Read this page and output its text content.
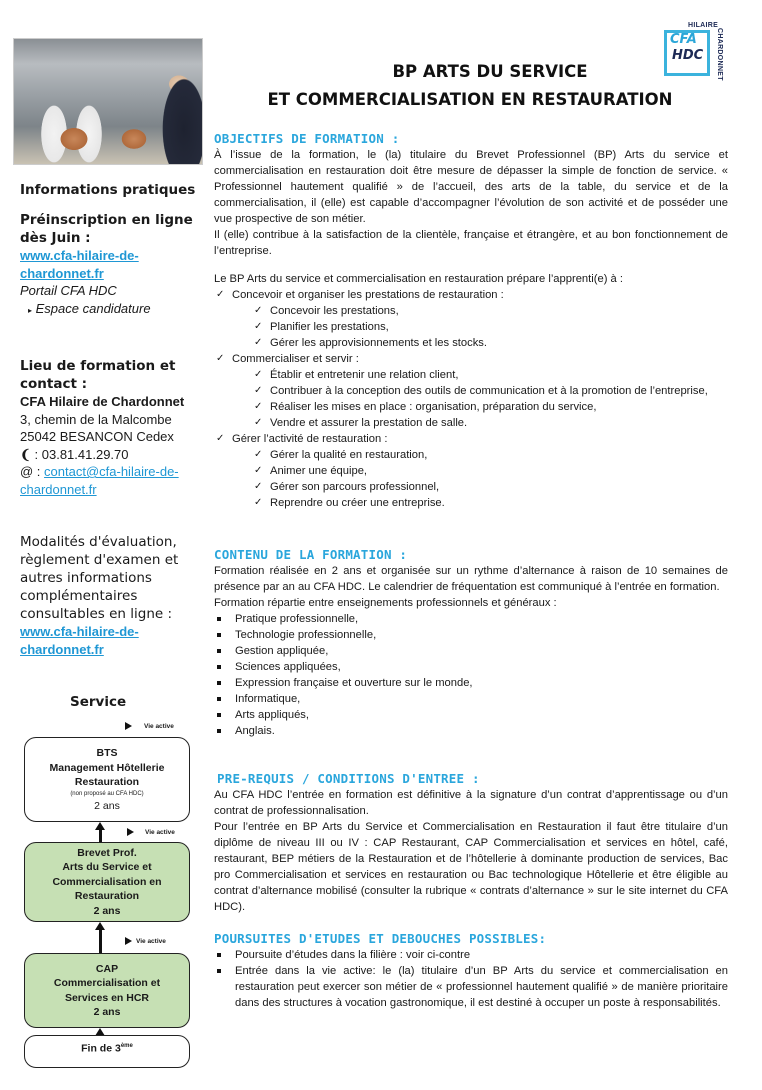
BP ARTS DU SERVICE
ET COMMERCIALISATION EN RESTAURATION
HILAIRE
CFA
HDC CHARDONNET
Informations pratiques
Préinscription en ligne dès Juin :
www.cfa-hilaire-de-
chardonnet.fr
Portail CFA HDC
▸ Espace candidature
Lieu de formation et contact :
CFA Hilaire de Chardonnet
3, chemin de la Malcombe
25042 BESANCON Cedex
❨ : 03.81.41.29.70
@ : contact@cfa-hilaire-de-
chardonnet.fr
Modalités d'évaluation, règlement d'examen et autres informations complémentaires consultables en ligne :
www.cfa-hilaire-de-
chardonnet.fr
Service
Vie active
BTS
Management Hôtellerie
Restauration
(non proposé au CFA HDC)
2 ans
Vie active
Brevet Prof.
Arts du Service et
Commercialisation en
Restauration
2 ans
Vie active
CAP
Commercialisation et
Services en HCR
2 ans
Fin de 3ème
OBJECTIFS DE FORMATION :

À l’issue de la formation, le (la) titulaire du Brevet Professionnel (BP) Arts du service et commercialisation en restauration doit être mesure de dépasser la simple de fonction de service. « Professionnel hautement qualifié » de l’accueil, des arts de la table, du service et de la commercialisation, il (elle) est capable d’accompagner l’évolution de son activité et de posséder une vue prospective de son métier.

Il (elle) contribue à la satisfaction de la clientèle, française et étrangère, et au bon fonctionnement de l’entreprise.

Le BP Arts du service et commercialisation en restauration prépare l’apprenti(e) à :

✓ Concevoir et organiser les prestations de restauration :
✓ Concevoir les prestations,
✓ Planifier les prestations,
✓ Gérer les approvisionnements et les stocks.
✓ Commercialiser et servir :
✓ Établir et entretenir une relation client,
✓ Contribuer à la conception des outils de communication et à la promotion de l’entreprise,
✓ Réaliser les mises en place : organisation, préparation du service,
✓ Vendre et assurer la prestation de salle.
✓ Gérer l’activité de restauration :
✓ Gérer la qualité en restauration,
✓ Animer une équipe,
✓ Gérer son parcours professionnel,
✓ Reprendre ou créer une entreprise.
CONTENU DE LA FORMATION :

Formation réalisée en 2 ans et organisée sur un rythme d’alternance à raison de 10 semaines de présence par an au CFA HDC. Le calendrier de fréquentation est communiqué à l’entrée en formation.

Formation répartie entre enseignements professionnels et généraux :

Pratique professionnelle,
Technologie professionnelle,
Gestion appliquée,
Sciences appliquées,
Expression française et ouverture sur le monde,
Informatique,
Arts appliqués,
Anglais.
PRE-REQUIS / CONDITIONS D'ENTREE :

Au CFA HDC l’entrée en formation est définitive à la signature d’un contrat d’apprentissage ou d’un contrat de professionnalisation.

Pour l’entrée en BP Arts du Service et Commercialisation en Restauration il faut être titulaire d’un diplôme de niveau III ou IV : CAP Restaurant, CAP Commercialisation et services en hôtel, café, restaurant, BEP métiers de la Restauration et de l’hôtellerie à dominante production de services, Bac pro Commercialisation et services en restauration ou Bac technologique Hôtellerie et être éligible au contrat d’alternance mobilisé (consulter la rubrique « contrats d’alternance » sur le site internet du CFA HDC).

POURSUITES D'ETUDES ET DEBOUCHES POSSIBLES:
Poursuite d’études dans la filière : voir ci-contre
Entrée dans la vie active: le (la) titulaire d’un BP Arts du service et commercialisation en restauration peut exercer son métier de « professionnel hautement qualifié » de manière prioritaire dans des structures à vocation gastronomique, il est destiné à occuper un poste à responsabilités.
